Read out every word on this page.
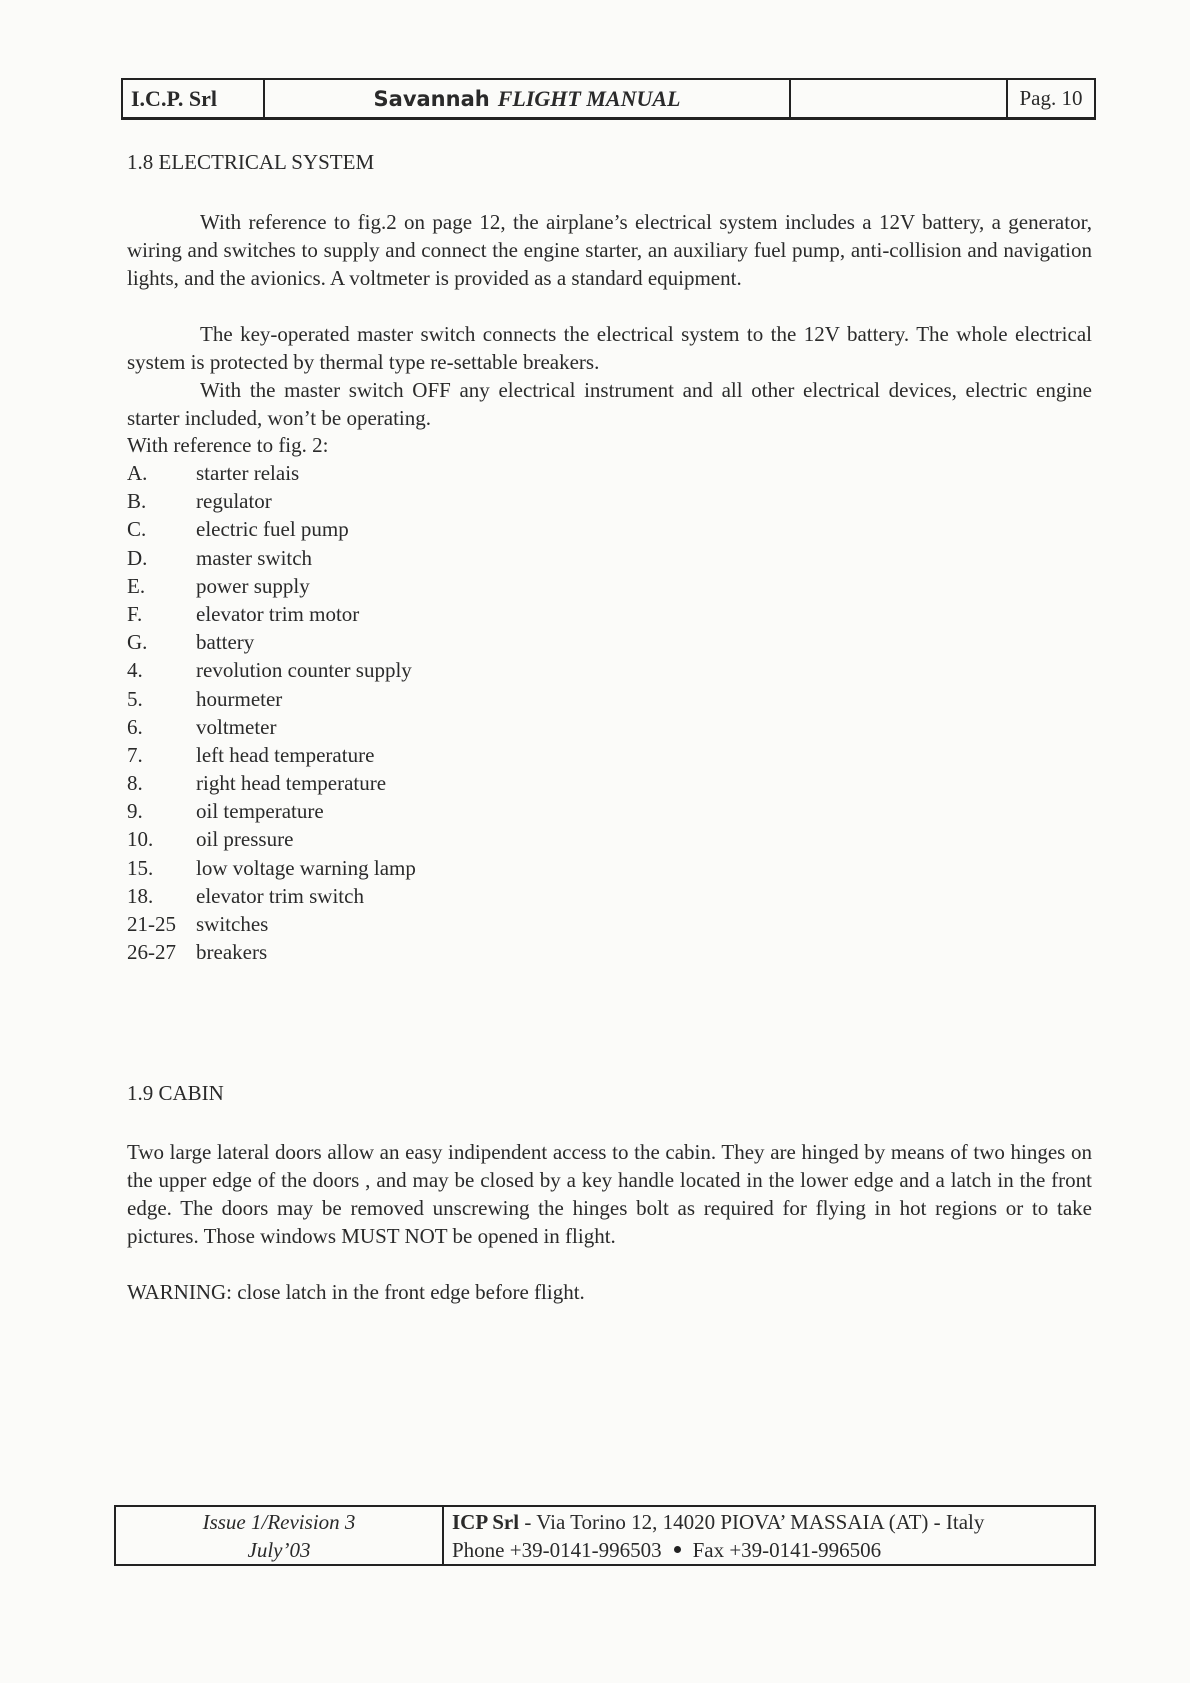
I.C.P. Srl	Savannah FLIGHT MANUAL	Pag. 10
1.8 ELECTRICAL SYSTEM
With reference to fig.2 on page 12, the airplane’s electrical system includes a 12V battery, a generator, wiring and switches to supply and connect the engine starter, an auxiliary fuel pump, anti-collision and navigation lights, and the avionics. A voltmeter is provided as a standard equipment.
The key-operated master switch connects the electrical system to the 12V battery. The whole electrical system is protected by thermal type re-settable breakers.
With the master switch OFF any electrical instrument and all other electrical devices, electric engine starter included, won’t be operating.
With reference to fig. 2:
A.	starter relais
B.	regulator
C.	electric fuel pump
D.	master switch
E.	power supply
F.	elevator trim motor
G.	battery
4.	revolution counter supply
5.	hourmeter
6.	voltmeter
7.	left head temperature
8.	right head temperature
9.	oil temperature
10.	oil pressure
15.	low voltage warning lamp
18.	elevator trim switch
21-25 switches
26-27 breakers
1.9 CABIN
Two large lateral doors allow an easy indipendent access to the cabin. They are hinged by means of two hinges on the upper edge of the doors , and may be closed by a key handle located in the lower edge and a latch in the front edge. The doors may be removed unscrewing the hinges bolt as required for flying in hot regions or to take pictures. Those windows MUST NOT be opened in flight.
WARNING: close latch in the front edge before flight.
Issue 1/Revision 3
July’03
ICP Srl - Via Torino 12, 14020 PIOVA’ MASSAIA (AT) - Italy
Phone +39-0141-996503 Fax +39-0141-996506
